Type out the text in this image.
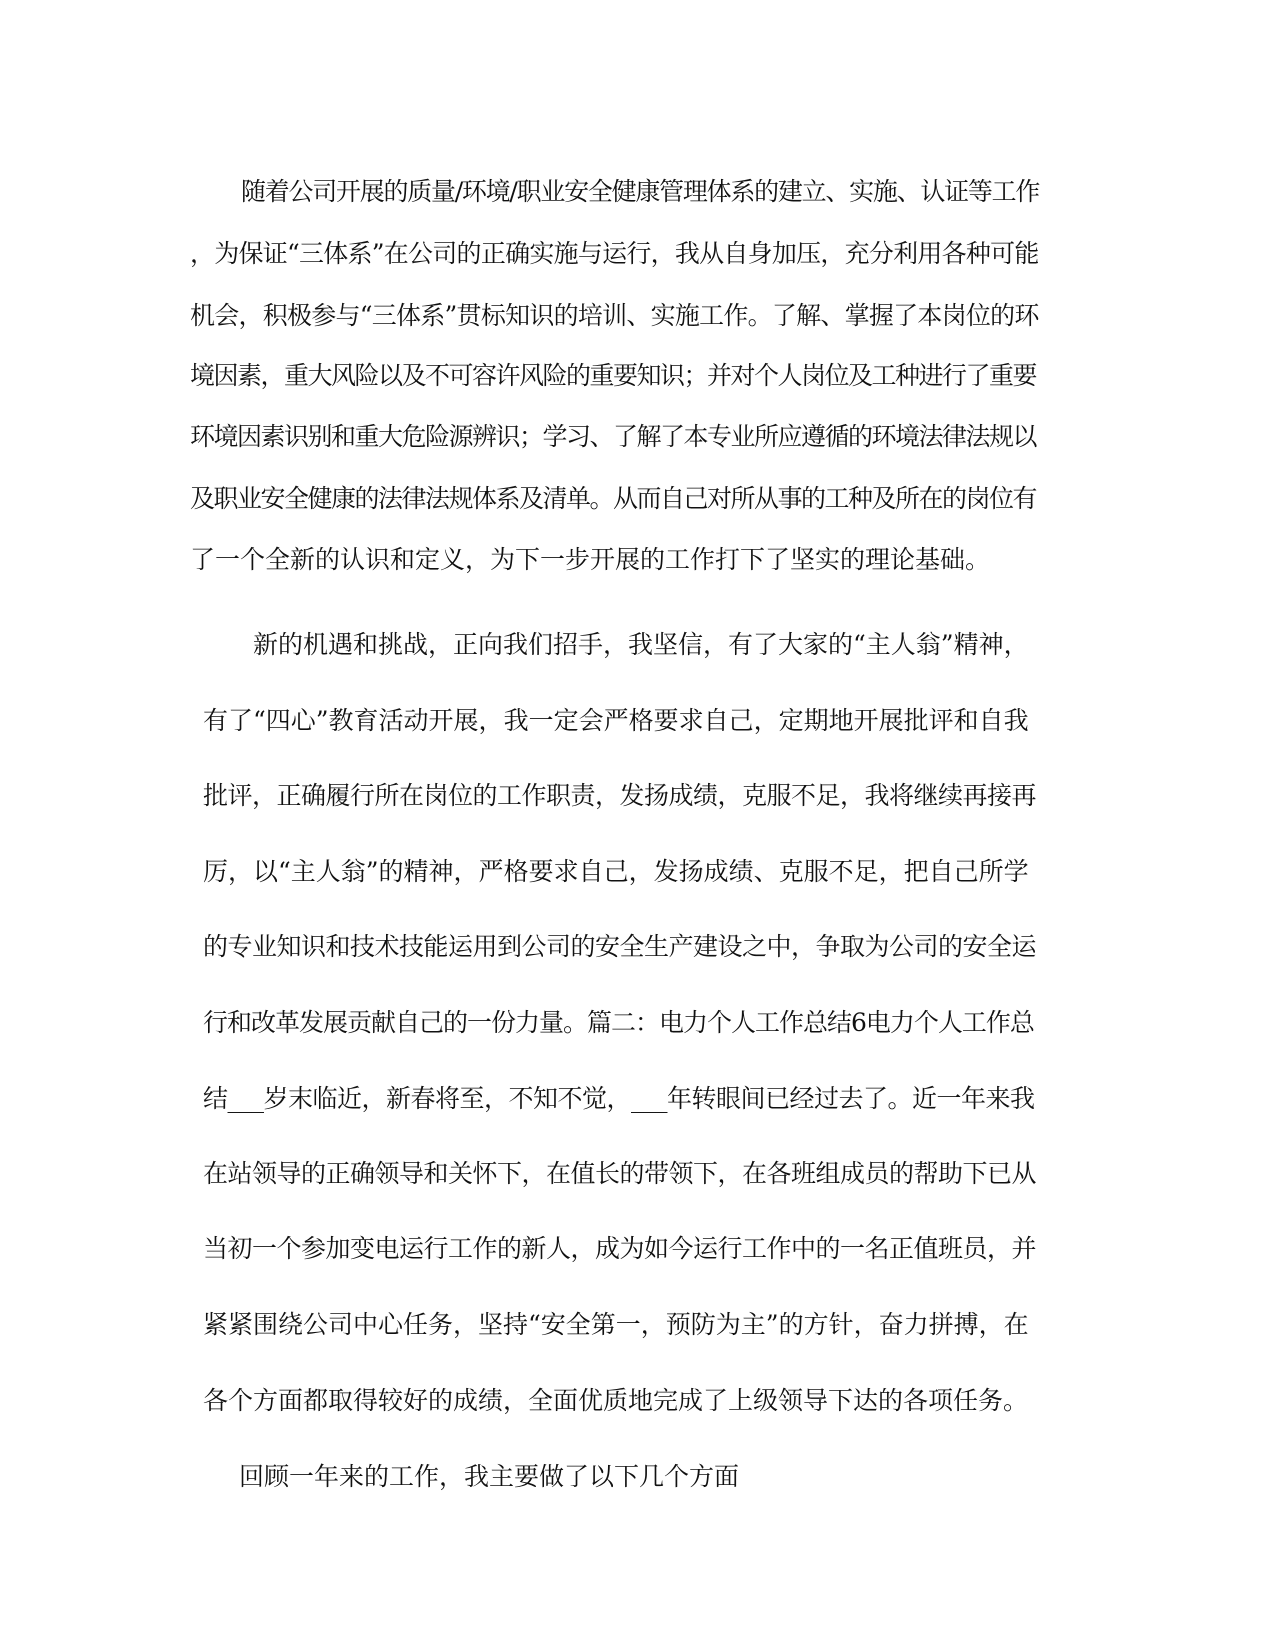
随着公司开展的质量/环境/职业安全健康管理体系的建立、实施、认证等工作

，为保证“三体系”在公司的正确实施与运行，我从自身加压，充分利用各种可能

机会，积极参与“三体系”贯标知识的培训、实施工作。了解、掌握了本岗位的环

境因素，重大风险以及不可容许风险的重要知识；并对个人岗位及工种进行了重要

环境因素识别和重大危险源辨识；学习、了解了本专业所应遵循的环境法律法规以

及职业安全健康的法律法规体系及清单。从而自己对所从事的工种及所在的岗位有

了一个全新的认识和定义，为下一步开展的工作打下了坚实的理论基础。

新的机遇和挑战，正向我们招手，我坚信，有了大家的“主人翁”精神，

有了“四心”教育活动开展，我一定会严格要求自己，定期地开展批评和自我

批评，正确履行所在岗位的工作职责，发扬成绩，克服不足，我将继续再接再

厉，以“主人翁”的精神，严格要求自己，发扬成绩、克服不足，把自己所学

的专业知识和技术技能运用到公司的安全生产建设之中，争取为公司的安全运

行和改革发展贡献自己的一份力量。篇二：电力个人工作总结6电力个人工作总

结___岁末临近，新春将至，不知不觉，___年转眼间已经过去了。近一年来我

在站领导的正确领导和关怀下，在值长的带领下，在各班组成员的帮助下已从

当初一个参加变电运行工作的新人，成为如今运行工作中的一名正值班员，并

紧紧围绕公司中心任务，坚持“安全第一，预防为主”的方针，奋力拼搏，在

各个方面都取得较好的成绩，全面优质地完成了上级领导下达的各项任务。

回顾一年来的工作，我主要做了以下几个方面
